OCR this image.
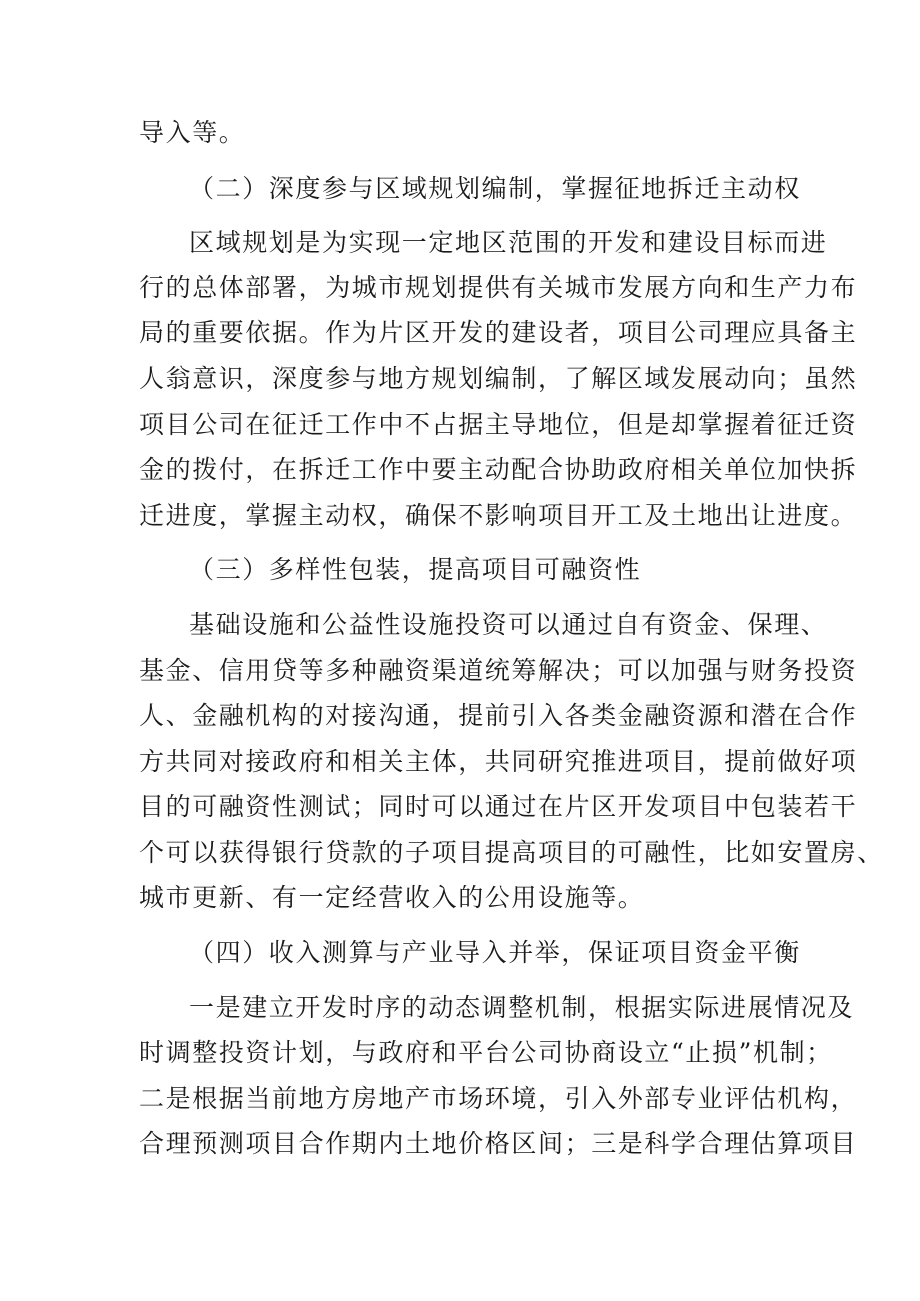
导入等。
（二）深度参与区域规划编制，掌握征地拆迁主动权
区域规划是为实现一定地区范围的开发和建设目标而进
行的总体部署，为城市规划提供有关城市发展方向和生产力布
局的重要依据。作为片区开发的建设者，项目公司理应具备主
人翁意识，深度参与地方规划编制，了解区域发展动向；虽然
项目公司在征迁工作中不占据主导地位，但是却掌握着征迁资
金的拨付，在拆迁工作中要主动配合协助政府相关单位加快拆
迁进度，掌握主动权，确保不影响项目开工及土地出让进度。
（三）多样性包装，提高项目可融资性
基础设施和公益性设施投资可以通过自有资金、保理、
基金、信用贷等多种融资渠道统筹解决；可以加强与财务投资
人、金融机构的对接沟通，提前引入各类金融资源和潜在合作
方共同对接政府和相关主体，共同研究推进项目，提前做好项
目的可融资性测试；同时可以通过在片区开发项目中包装若干
个可以获得银行贷款的子项目提高项目的可融性，比如安置房、
城市更新、有一定经营收入的公用设施等。
（四）收入测算与产业导入并举，保证项目资金平衡
一是建立开发时序的动态调整机制，根据实际进展情况及
时调整投资计划，与政府和平台公司协商设立“止损”机制；
二是根据当前地方房地产市场环境，引入外部专业评估机构，
合理预测项目合作期内土地价格区间；三是科学合理估算项目
